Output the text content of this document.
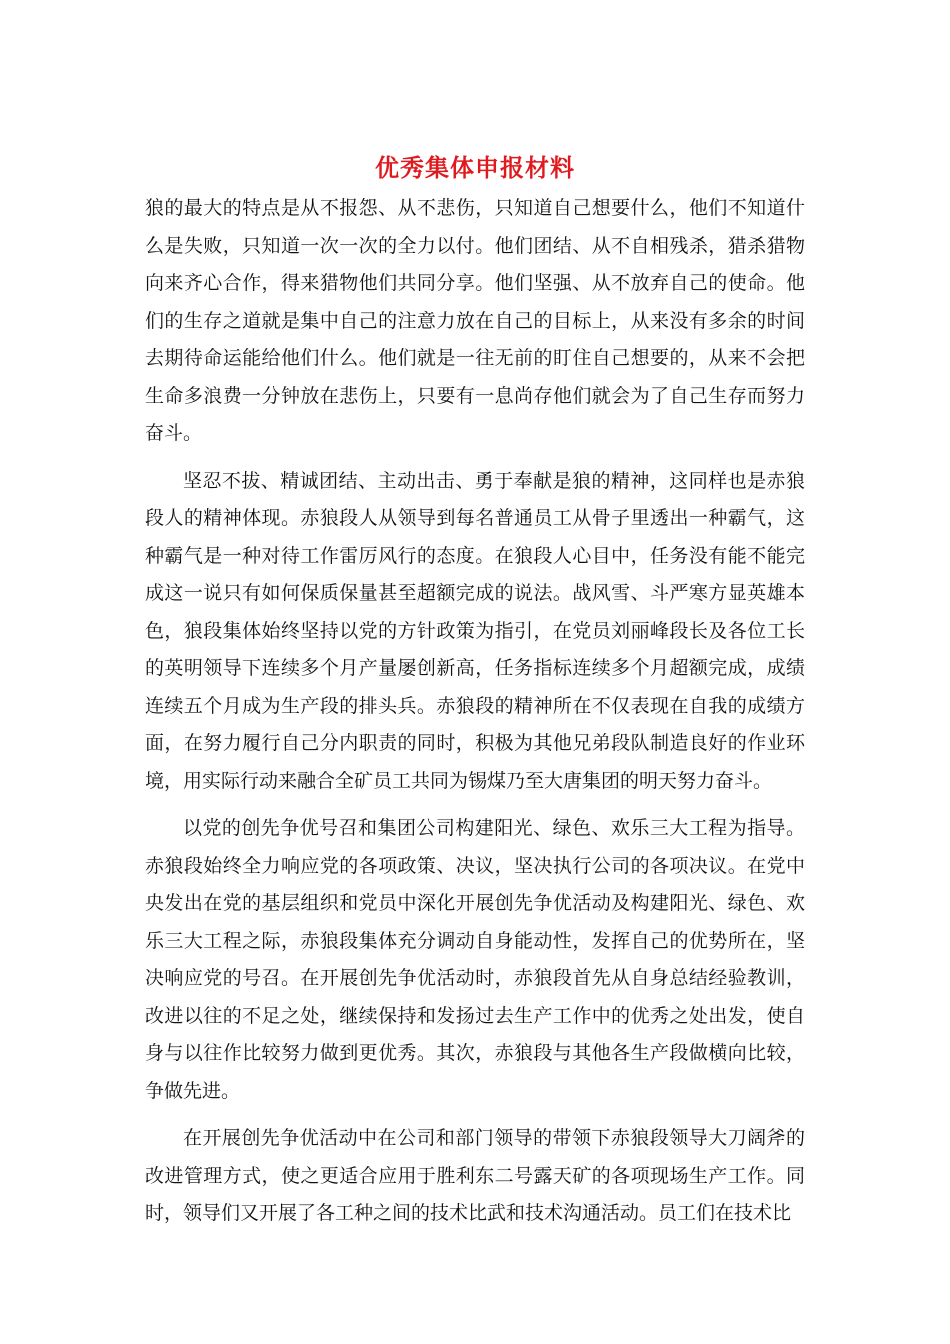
优秀集体申报材料

狼的最大的特点是从不报怨、从不悲伤，只知道自己想要什么，他们不知道什么是失败，只知道一次一次的全力以付。他们团结、从不自相残杀，猎杀猎物向来齐心合作，得来猎物他们共同分享。他们坚强、从不放弃自己的使命。他们的生存之道就是集中自己的注意力放在自己的目标上，从来没有多余的时间去期待命运能给他们什么。他们就是一往无前的盯住自己想要的，从来不会把生命多浪费一分钟放在悲伤上，只要有一息尚存他们就会为了自己生存而努力奋斗。

坚忍不拔、精诚团结、主动出击、勇于奉献是狼的精神，这同样也是赤狼段人的精神体现。赤狼段人从领导到每名普通员工从骨子里透出一种霸气，这种霸气是一种对待工作雷厉风行的态度。在狼段人心目中，任务没有能不能完成这一说只有如何保质保量甚至超额完成的说法。战风雪、斗严寒方显英雄本色，狼段集体始终坚持以党的方针政策为指引，在党员刘丽峰段长及各位工长的英明领导下连续多个月产量屡创新高，任务指标连续多个月超额完成，成绩连续五个月成为生产段的排头兵。赤狼段的精神所在不仅表现在自我的成绩方面，在努力履行自己分内职责的同时，积极为其他兄弟段队制造良好的作业环境，用实际行动来融合全矿员工共同为锡煤乃至大唐集团的明天努力奋斗。

以党的创先争优号召和集团公司构建阳光、绿色、欢乐三大工程为指导。赤狼段始终全力响应党的各项政策、决议，坚决执行公司的各项决议。在党中央发出在党的基层组织和党员中深化开展创先争优活动及构建阳光、绿色、欢乐三大工程之际，赤狼段集体充分调动自身能动性，发挥自己的优势所在，坚决响应党的号召。在开展创先争优活动时，赤狼段首先从自身总结经验教训，改进以往的不足之处，继续保持和发扬过去生产工作中的优秀之处出发，使自身与以往作比较努力做到更优秀。其次，赤狼段与其他各生产段做横向比较，争做先进。

在开展创先争优活动中在公司和部门领导的带领下赤狼段领导大刀阔斧的改进管理方式，使之更适合应用于胜利东二号露天矿的各项现场生产工作。同时，领导们又开展了各工种之间的技术比武和技术沟通活动。员工们在技术比
